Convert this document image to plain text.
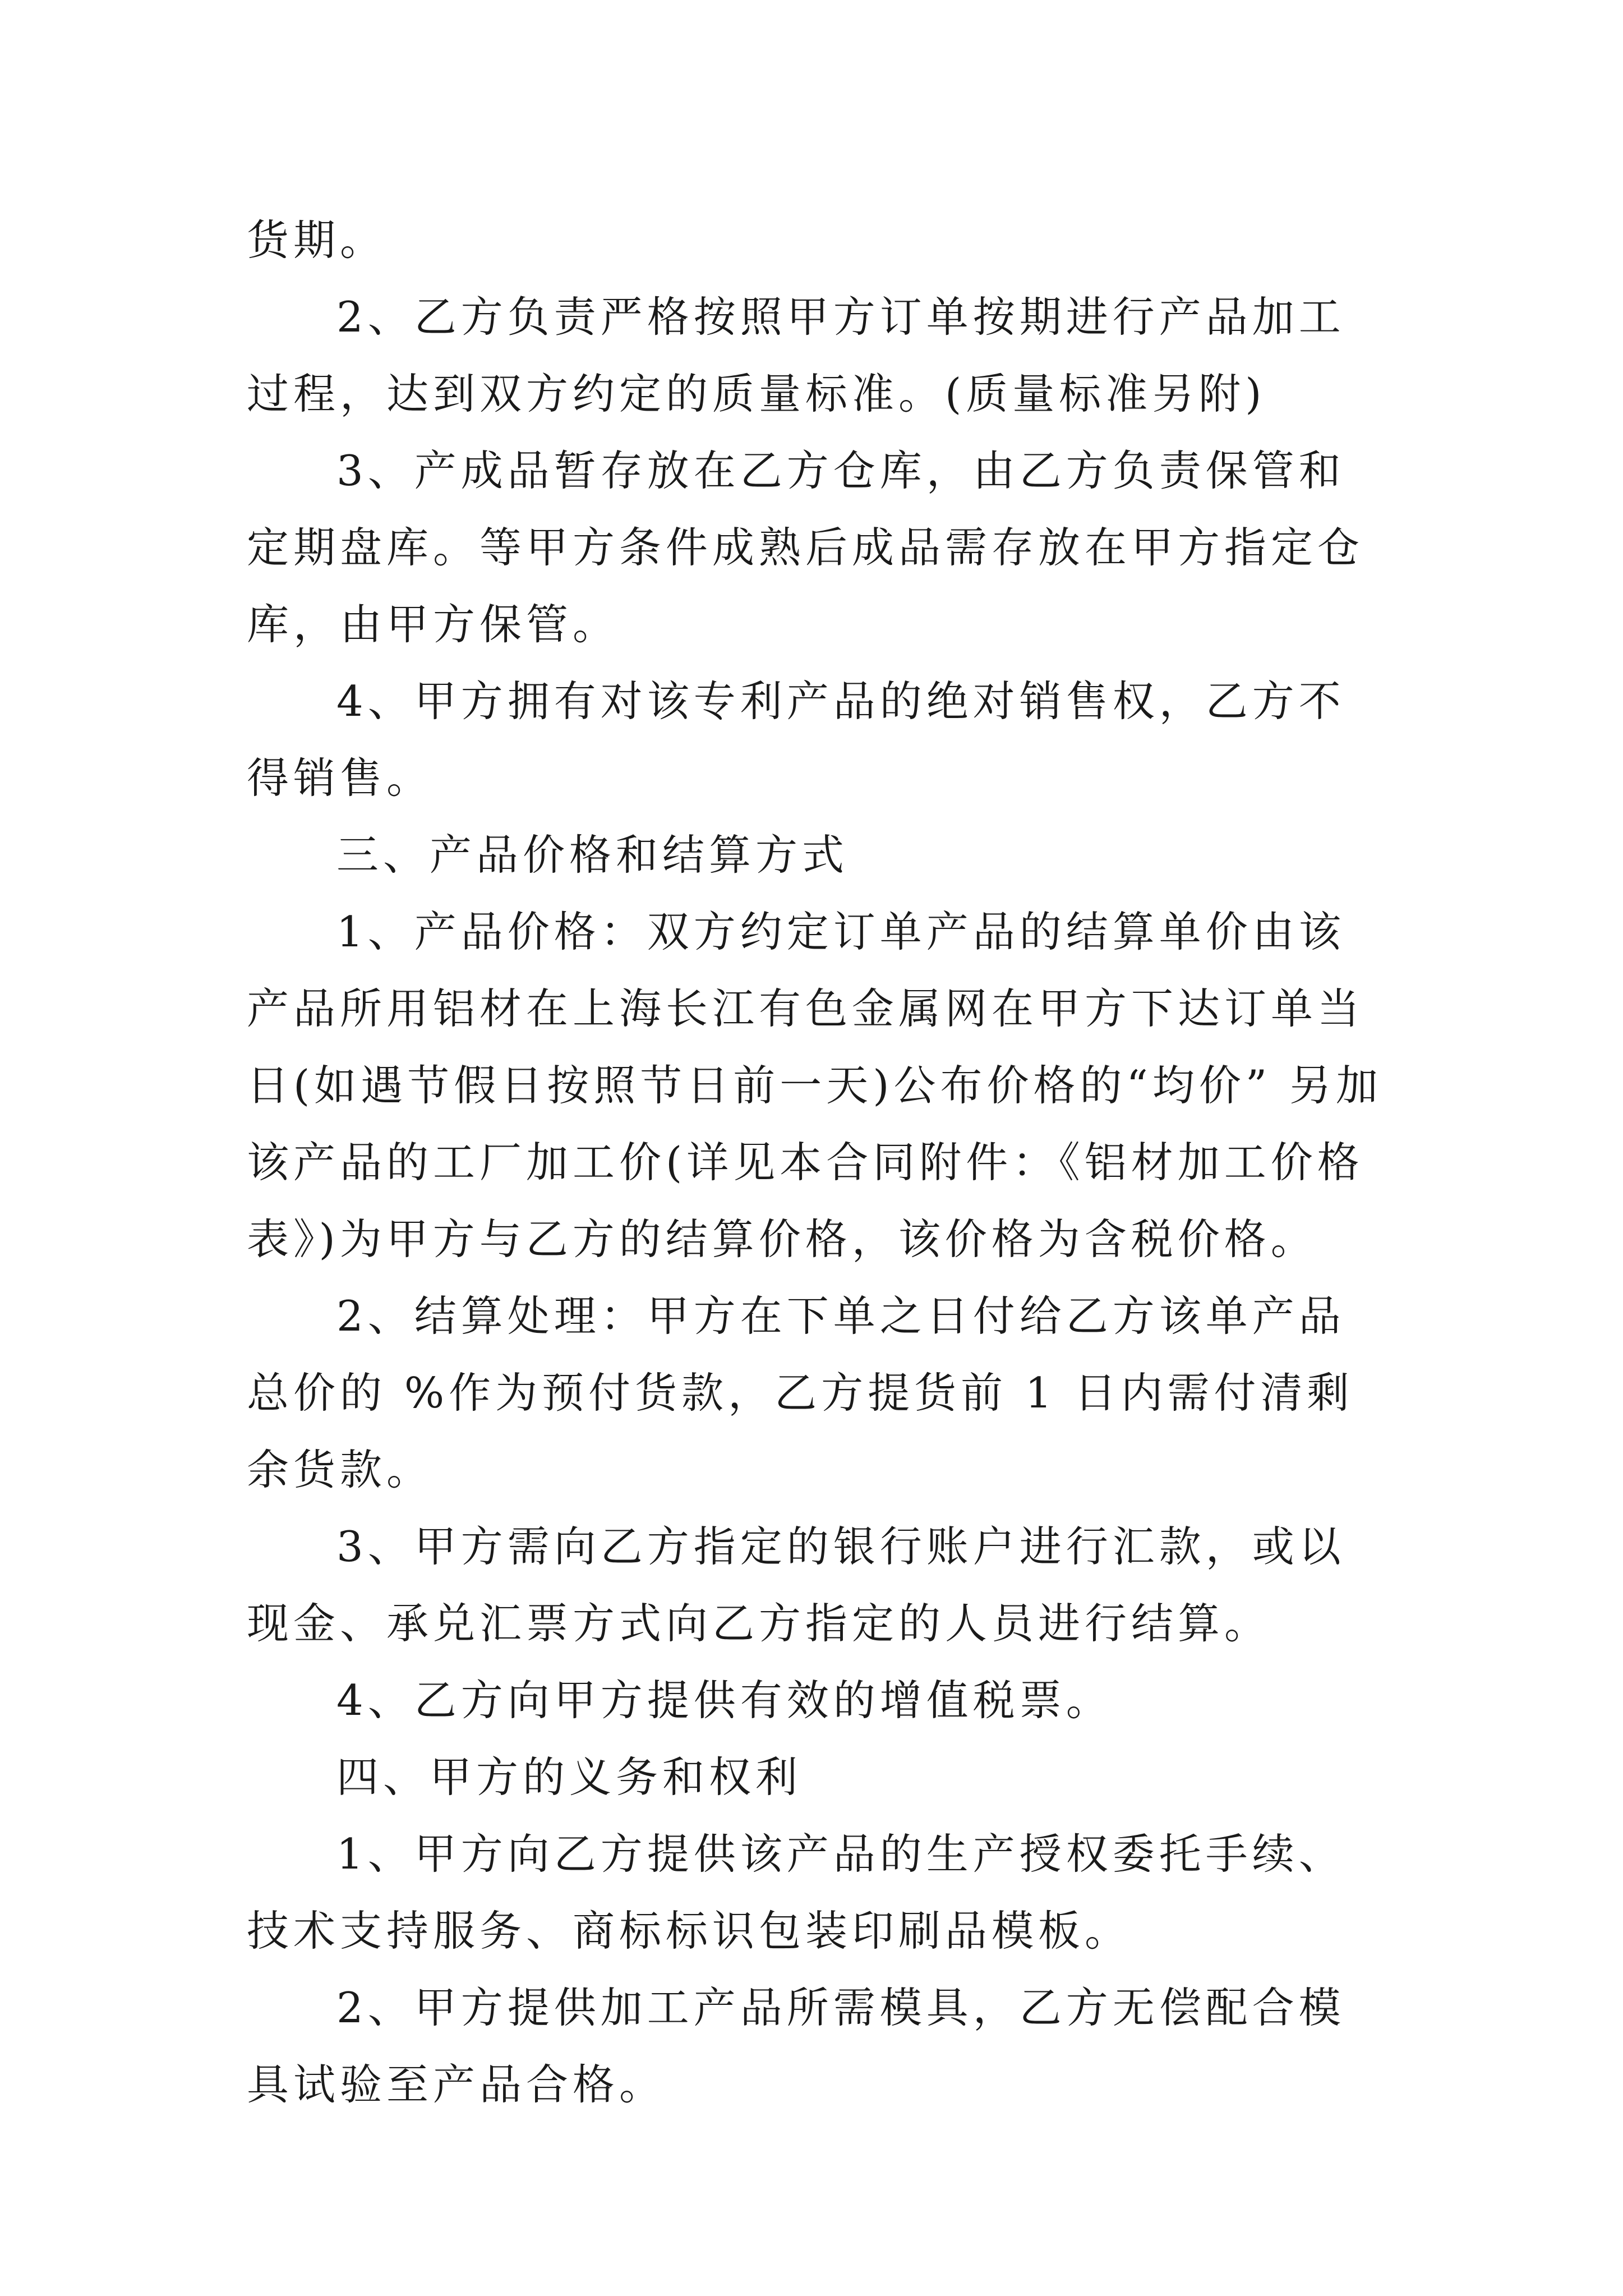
货期。

2、乙方负责严格按照甲方订单按期进行产品加工过程，达到双方约定的质量标准。(质量标准另附)

3、产成品暂存放在乙方仓库，由乙方负责保管和定期盘库。等甲方条件成熟后成品需存放在甲方指定仓库，由甲方保管。

4、甲方拥有对该专利产品的绝对销售权，乙方不得销售。

三、产品价格和结算方式

1、产品价格：双方约定订单产品的结算单价由该产品所用铝材在上海长江有色金属网在甲方下达订单当日(如遇节假日按照节日前一天)公布价格的“均价” 另加该产品的工厂加工价(详见本合同附件：《铝材加工价格表》)为甲方与乙方的结算价格，该价格为含税价格。

2、结算处理：甲方在下单之日付给乙方该单产品总价的 %作为预付货款，乙方提货前 1 日内需付清剩余货款。

3、甲方需向乙方指定的银行账户进行汇款，或以现金、承兑汇票方式向乙方指定的人员进行结算。

4、乙方向甲方提供有效的增值税票。

四、甲方的义务和权利

1、甲方向乙方提供该产品的生产授权委托手续、技术支持服务、商标标识包装印刷品模板。

2、甲方提供加工产品所需模具，乙方无偿配合模具试验至产品合格。
